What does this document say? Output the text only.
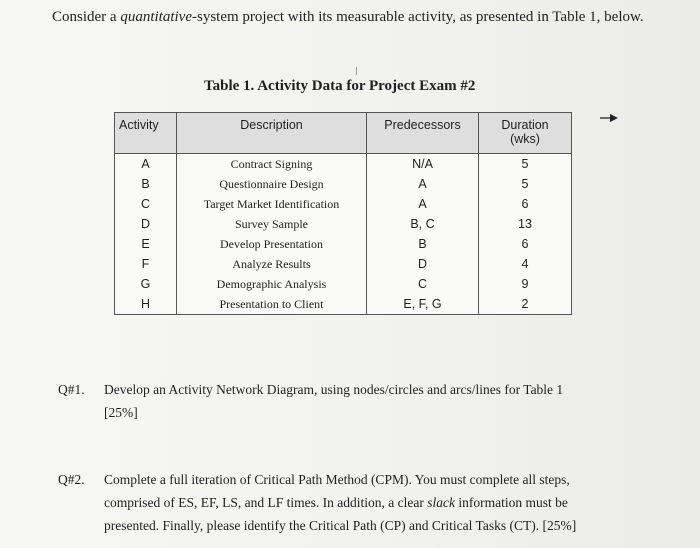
Consider a quantitative-system project with its measurable activity, as presented in Table 1, below.
Table 1. Activity Data for Project Exam #2
Activity	Description	Predecessors	Duration
(wks)

A	Contract Signing	N/A	5
B	Questionnaire Design	A	5
C	Target Market Identification	A	6
D	Survey Sample	B, C	13
E	Develop Presentation	B	6
F	Analyze Results	D	4
G	Demographic Analysis	C	9
H	Presentation to Client	E, F, G	2
Q#1. Develop an Activity Network Diagram, using nodes/circles and arcs/lines for Table 1
[25%]
Q#2. Complete a full iteration of Critical Path Method (CPM). You must complete all steps,
comprised of ES, EF, LS, and LF times. In addition, a clear slack information must be
presented. Finally, please identify the Critical Path (CP) and Critical Tasks (CT). [25%]
